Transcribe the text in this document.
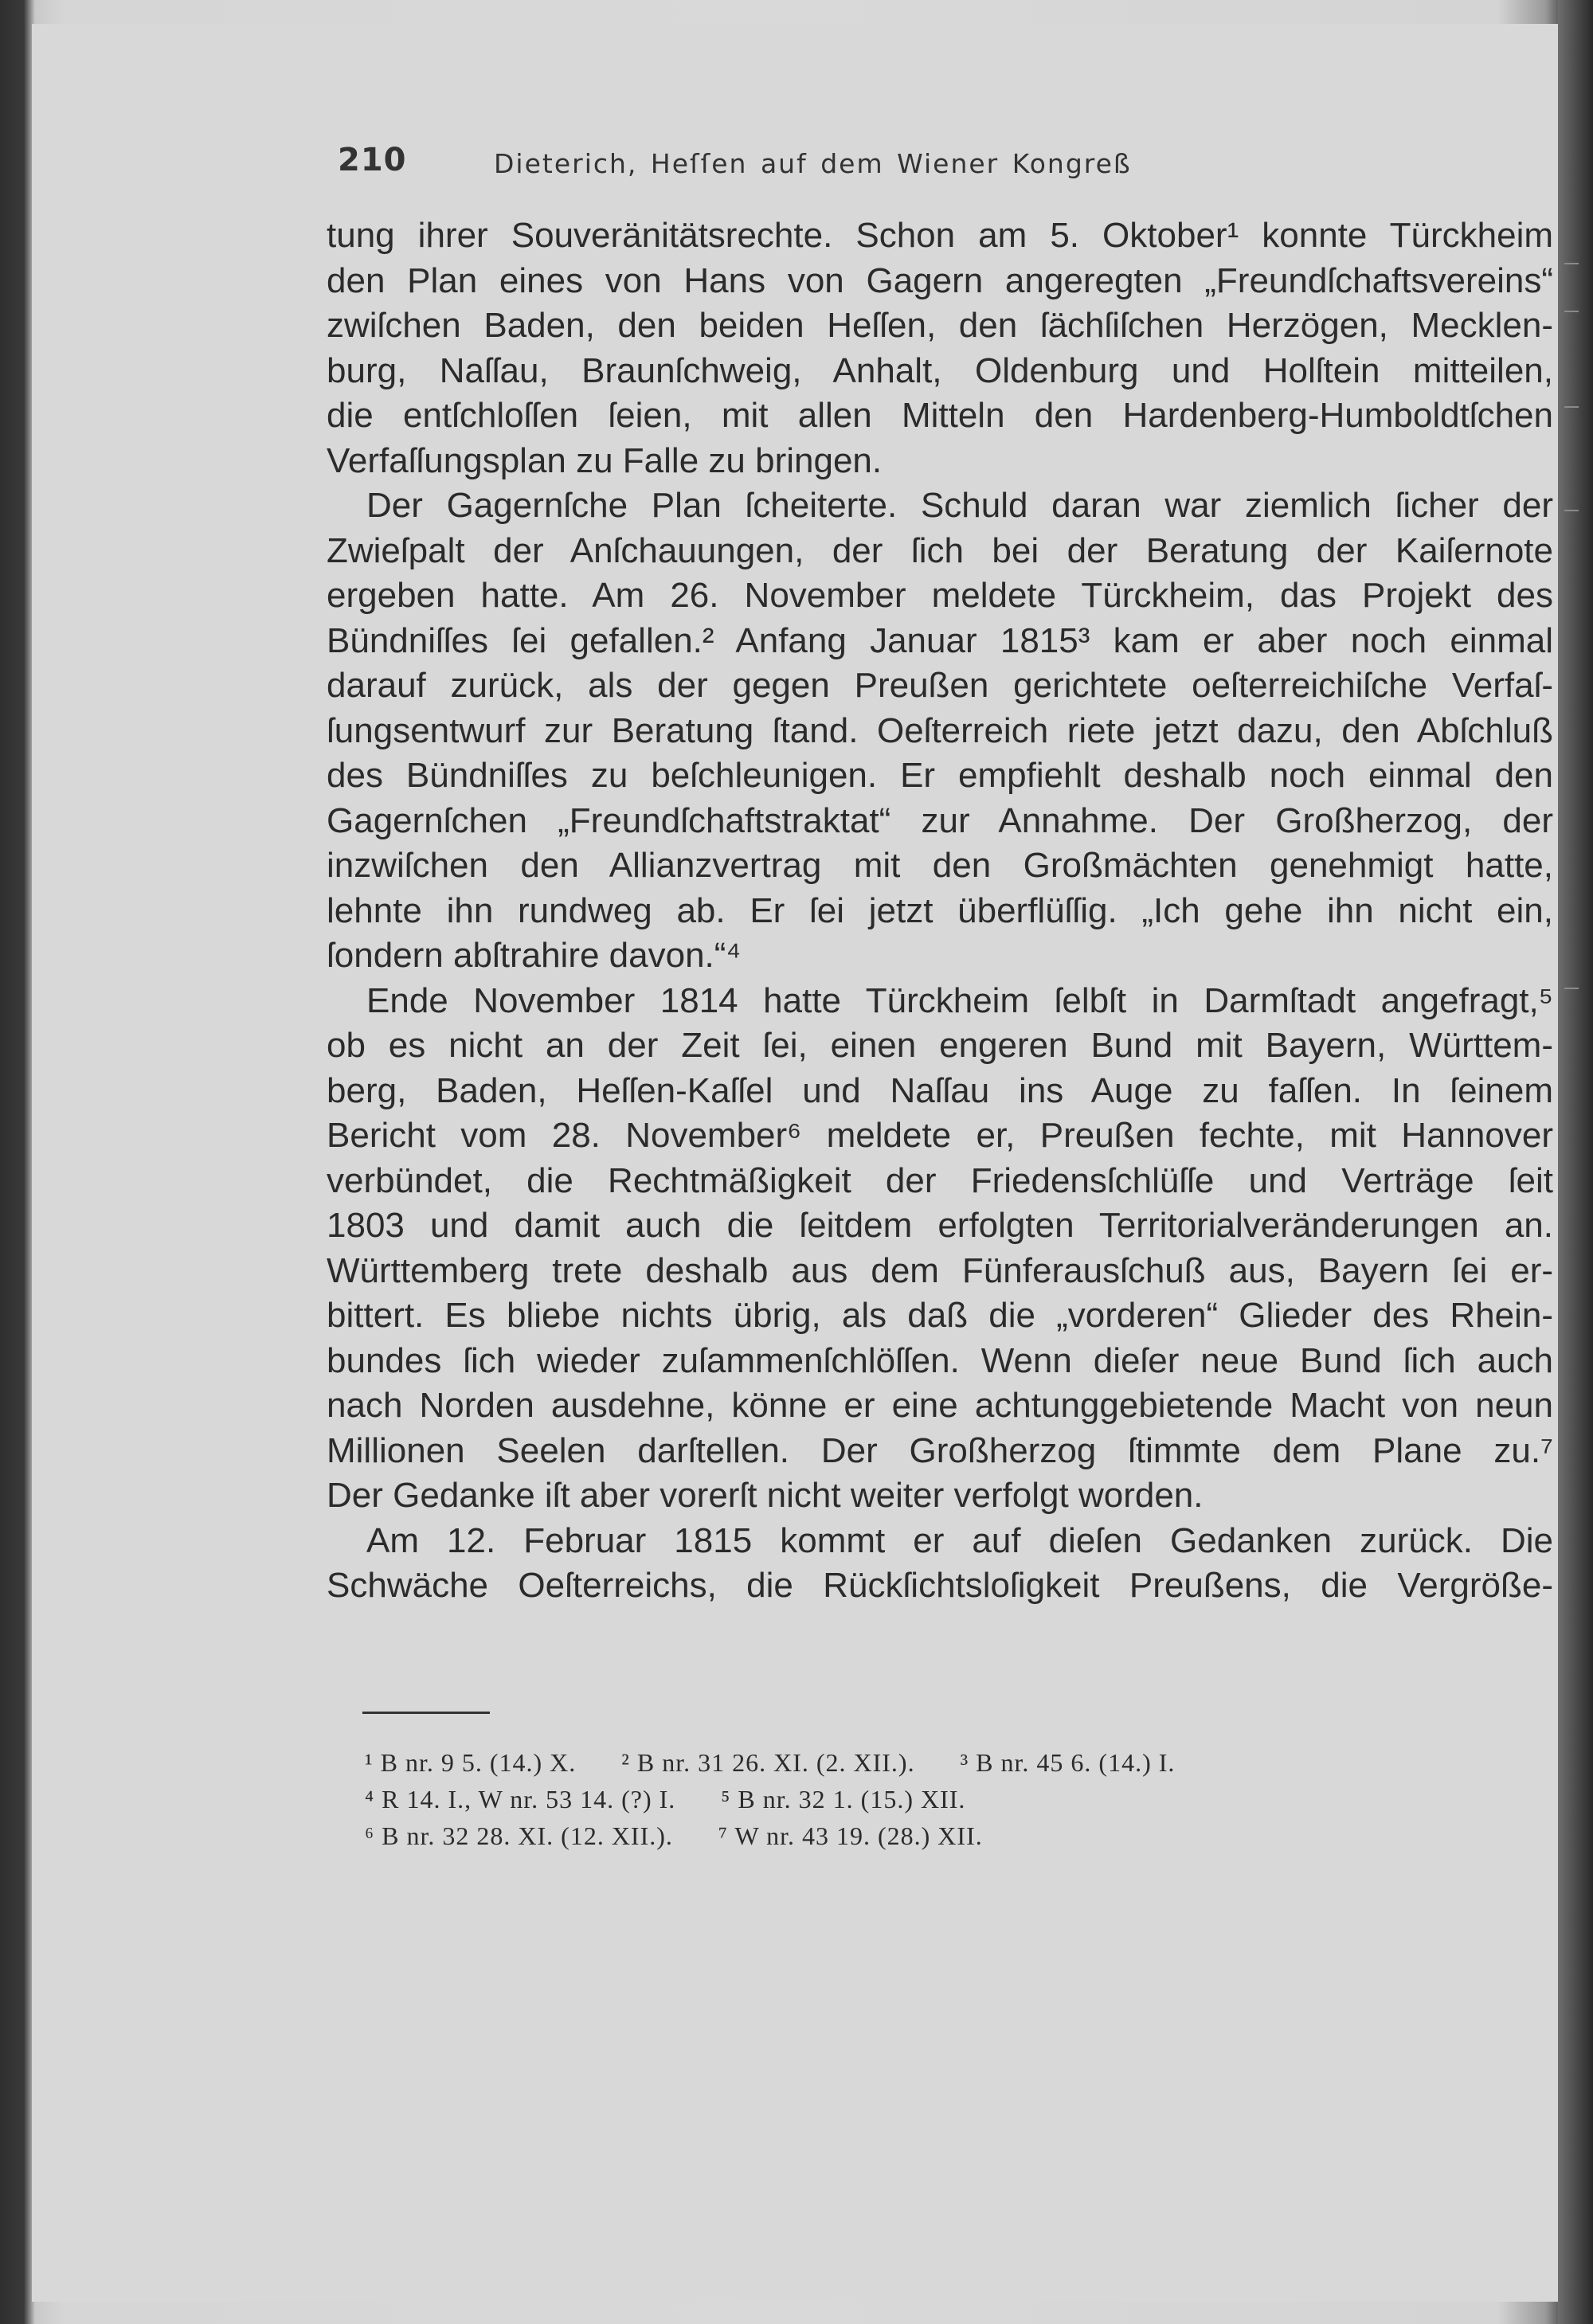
210	Dieterich, Heſſen auf dem Wiener Kongreß

tung ihrer Souveränitätsrechte. Schon am 5. Oktober¹ konnte Türckheim
den Plan eines von Hans von Gagern angeregten „Freundſchaftsvereins“
zwiſchen Baden, den beiden Heſſen, den ſächſiſchen Herzögen, Mecklen-
burg, Naſſau, Braunſchweig, Anhalt, Oldenburg und Holſtein mitteilen,
die entſchloſſen ſeien, mit allen Mitteln den Hardenberg-Humboldtſchen
Verfaſſungsplan zu Falle zu bringen.

Der Gagernſche Plan ſcheiterte. Schuld daran war ziemlich ſicher der
Zwieſpalt der Anſchauungen, der ſich bei der Beratung der Kaiſernote
ergeben hatte. Am 26. November meldete Türckheim, das Projekt des
Bündniſſes ſei gefallen.² Anfang Januar 1815³ kam er aber noch einmal
darauf zurück, als der gegen Preußen gerichtete oeſterreichiſche Verfaſ-
ſungsentwurf zur Beratung ſtand. Oeſterreich riete jetzt dazu, den Abſchluß
des Bündniſſes zu beſchleunigen. Er empfiehlt deshalb noch einmal den
Gagernſchen „Freundſchaftstraktat“ zur Annahme. Der Großherzog, der
inzwiſchen den Allianzvertrag mit den Großmächten genehmigt hatte,
lehnte ihn rundweg ab. Er ſei jetzt überflüſſig. „Ich gehe ihn nicht ein,
ſondern abſtrahire davon.“⁴

Ende November 1814 hatte Türckheim ſelbſt in Darmſtadt angefragt,⁵
ob es nicht an der Zeit ſei, einen engeren Bund mit Bayern, Württem-
berg, Baden, Heſſen-Kaſſel und Naſſau ins Auge zu faſſen. In ſeinem
Bericht vom 28. November⁶ meldete er, Preußen fechte, mit Hannover
verbündet, die Rechtmäßigkeit der Friedensſchlüſſe und Verträge ſeit
1803 und damit auch die ſeitdem erfolgten Territorialveränderungen an.
Württemberg trete deshalb aus dem Fünferausſchuß aus, Bayern ſei er-
bittert. Es bliebe nichts übrig, als daß die „vorderen“ Glieder des Rhein-
bundes ſich wieder zuſammenſchlöſſen. Wenn dieſer neue Bund ſich auch
nach Norden ausdehne, könne er eine achtunggebietende Macht von neun
Millionen Seelen darſtellen. Der Großherzog ſtimmte dem Plane zu.⁷
Der Gedanke iſt aber vorerſt nicht weiter verfolgt worden.

Am 12. Februar 1815 kommt er auf dieſen Gedanken zurück. Die
Schwäche Oeſterreichs, die Rückſichtsloſigkeit Preußens, die Vergröße-

¹ B nr. 9 5. (14.) X. ² B nr. 31 26. XI. (2. XII.). ³ B nr. 45 6. (14.) I.
⁴ R 14. I., W nr. 53 14. (?) I. ⁵ B nr. 32 1. (15.) XII.
⁶ B nr. 32 28. XI. (12. XII.). ⁷ W nr. 43 19. (28.) XII.
